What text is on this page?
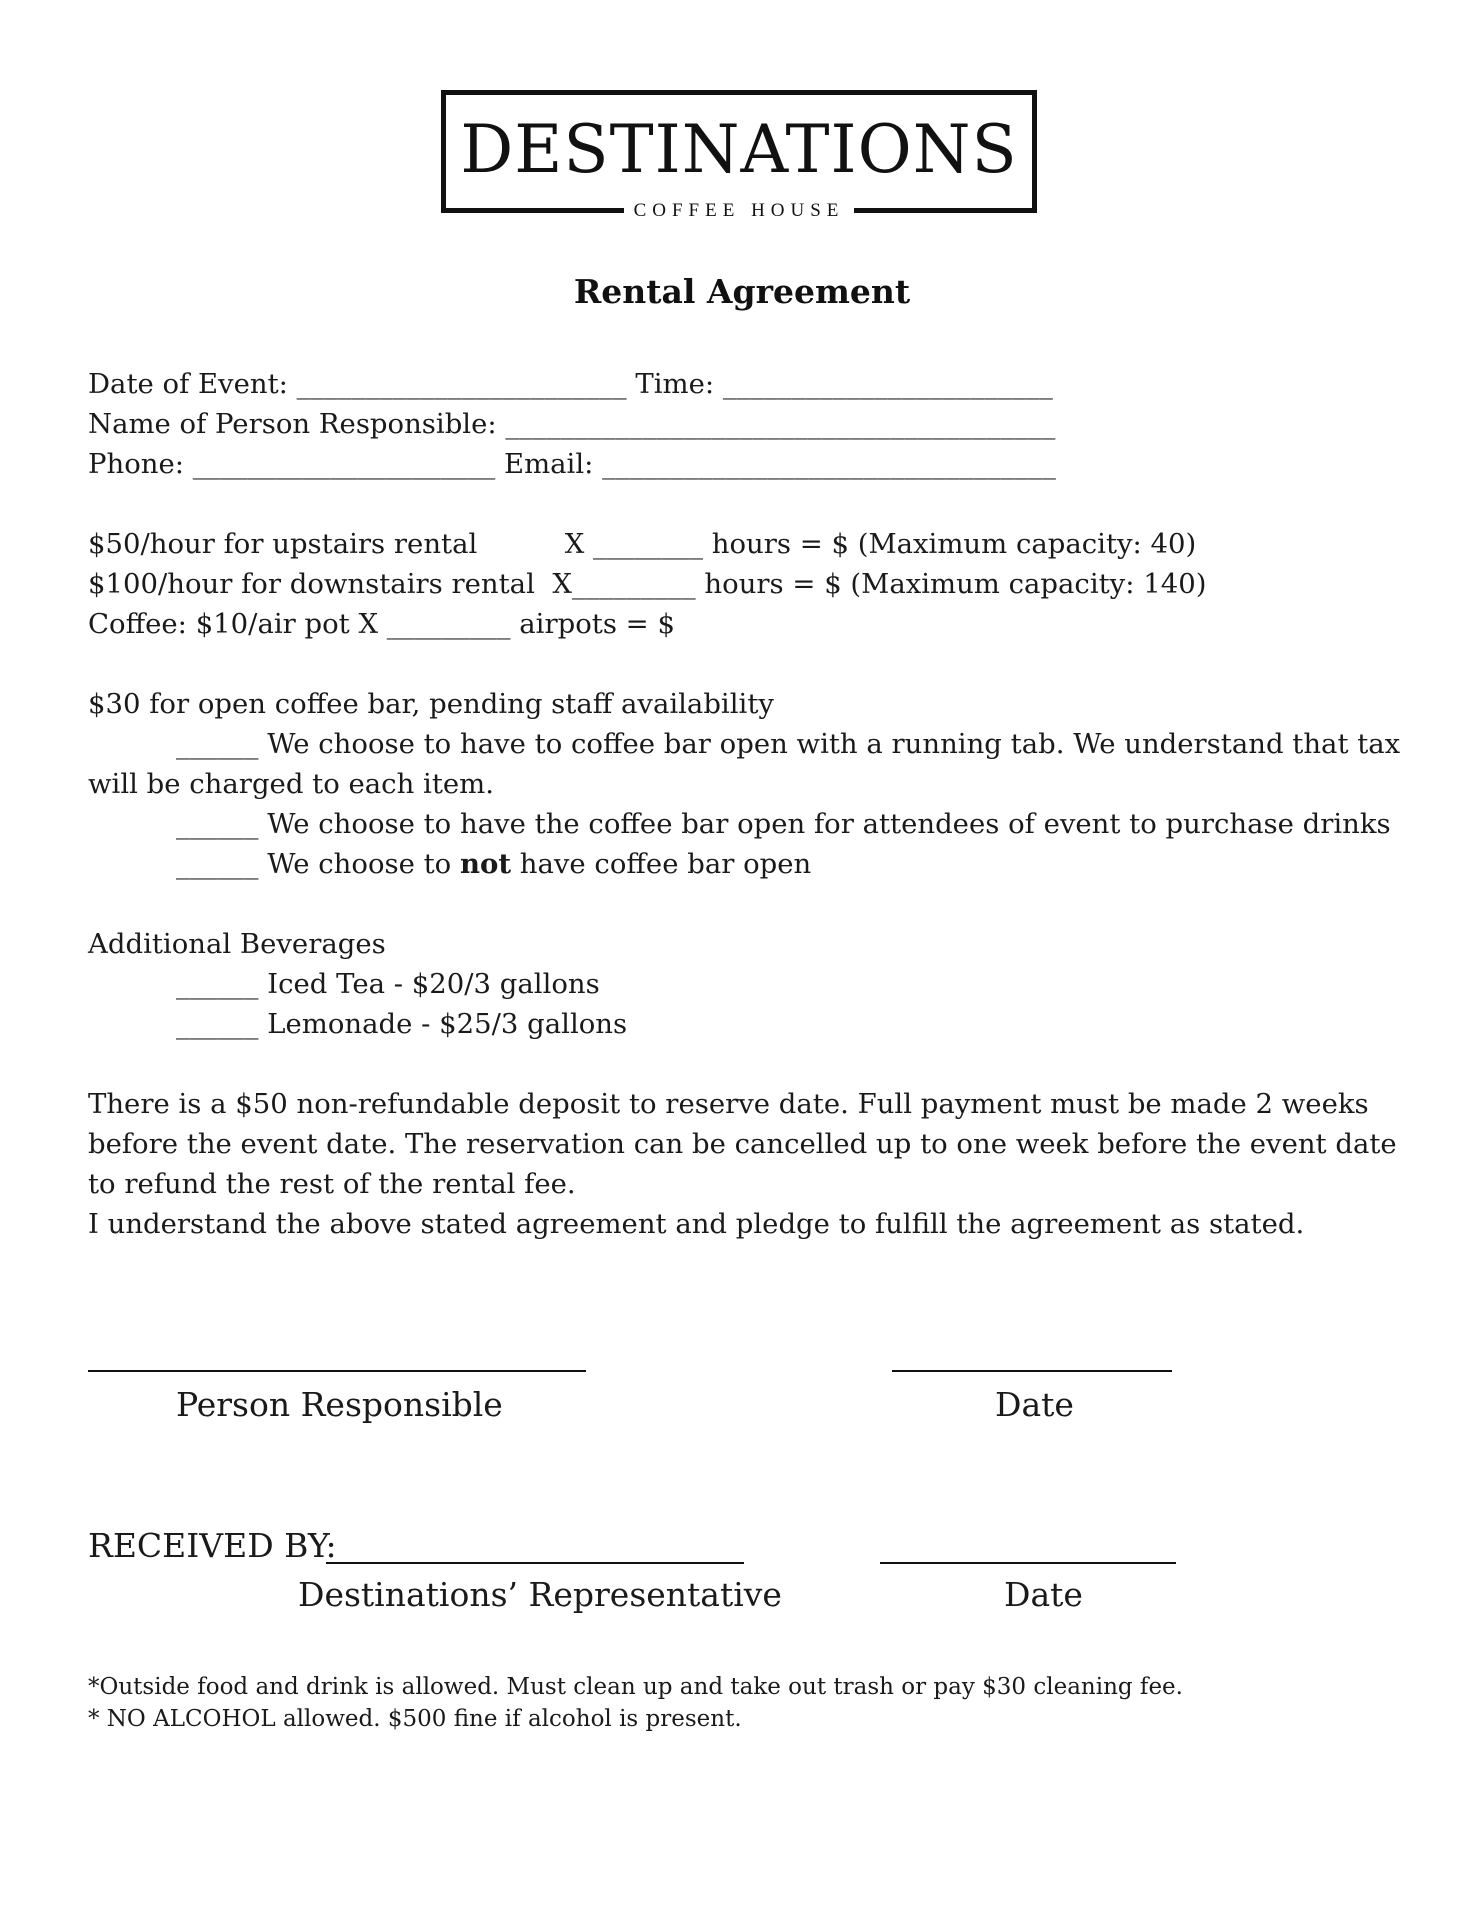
DESTINATIONS
COFFEE HOUSE
Rental Agreement
Date of Event: ________________________ Time: ________________________
Name of Person Responsible: ________________________________________
Phone: ______________________ Email: _________________________________
$50/hour for upstairs rental          X ________ hours = $ (Maximum capacity: 40)
$100/hour for downstairs rental  X_________ hours = $ (Maximum capacity: 140)
Coffee: $10/air pot X _________ airpots = $
$30 for open coffee bar, pending staff availability
______ We choose to have to coffee bar open with a running tab. We understand that tax
will be charged to each item.
______ We choose to have the coffee bar open for attendees of event to purchase drinks
______ We choose to not have coffee bar open
Additional Beverages
______ Iced Tea - $20/3 gallons
______ Lemonade - $25/3 gallons
There is a $50 non-refundable deposit to reserve date. Full payment must be made 2 weeks
before the event date. The reservation can be cancelled up to one week before the event date
to refund the rest of the rental fee.
I understand the above stated agreement and pledge to fulfill the agreement as stated.
Person Responsible	Date
RECEIVED BY:
Destinations’ Representative	Date
*Outside food and drink is allowed. Must clean up and take out trash or pay $30 cleaning fee.
* NO ALCOHOL allowed. $500 fine if alcohol is present.
